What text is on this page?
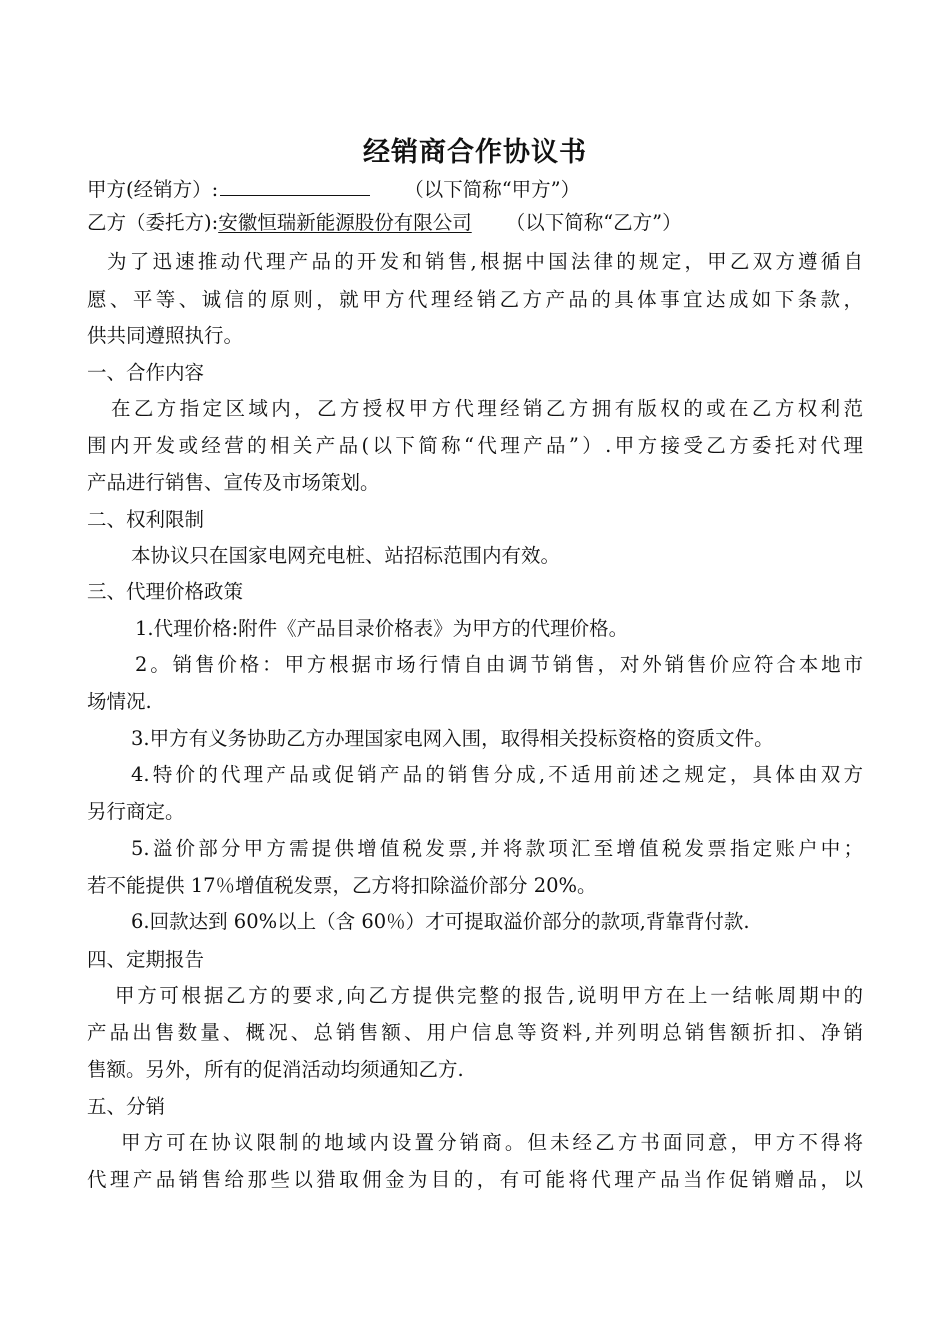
经销商合作协议书
甲方(经销方）:	（以下简称“甲方”）
乙方（委托方):安徽恒瑞新能源股份有限公司 （以下简称“乙方”）
为了迅速推动代理产品的开发和销售,根据中国法律的规定，甲乙双方遵循自
愿、平等、诚信的原则，就甲方代理经销乙方产品的具体事宜达成如下条款，
供共同遵照执行。
一、合作内容
在乙方指定区域内，乙方授权甲方代理经销乙方拥有版权的或在乙方权利范
围内开发或经营的相关产品(以下简称“代理产品”）.甲方接受乙方委托对代理
产品进行销售、宣传及市场策划。
二、权利限制
本协议只在国家电网充电桩、站招标范围内有效。
三、代理价格政策
1.代理价格:附件《产品目录价格表》为甲方的代理价格。
2。销售价格：甲方根据市场行情自由调节销售，对外销售价应符合本地市
场情况.
3.甲方有义务协助乙方办理国家电网入围，取得相关投标资格的资质文件。
4.特价的代理产品或促销产品的销售分成,不适用前述之规定，具体由双方
另行商定。
5.溢价部分甲方需提供增值税发票,并将款项汇至增值税发票指定账户中；
若不能提供 17％增值税发票，乙方将扣除溢价部分 20%。
6.回款达到 60%以上（含 60％）才可提取溢价部分的款项,背靠背付款.
四、定期报告
甲方可根据乙方的要求,向乙方提供完整的报告,说明甲方在上一结帐周期中的
产品出售数量、概况、总销售额、用户信息等资料,并列明总销售额折扣、净销
售额。另外，所有的促消活动均须通知乙方.
五、分销
甲方可在协议限制的地域内设置分销商。但未经乙方书面同意，甲方不得将
代理产品销售给那些以猎取佣金为目的，有可能将代理产品当作促销赠品，以
